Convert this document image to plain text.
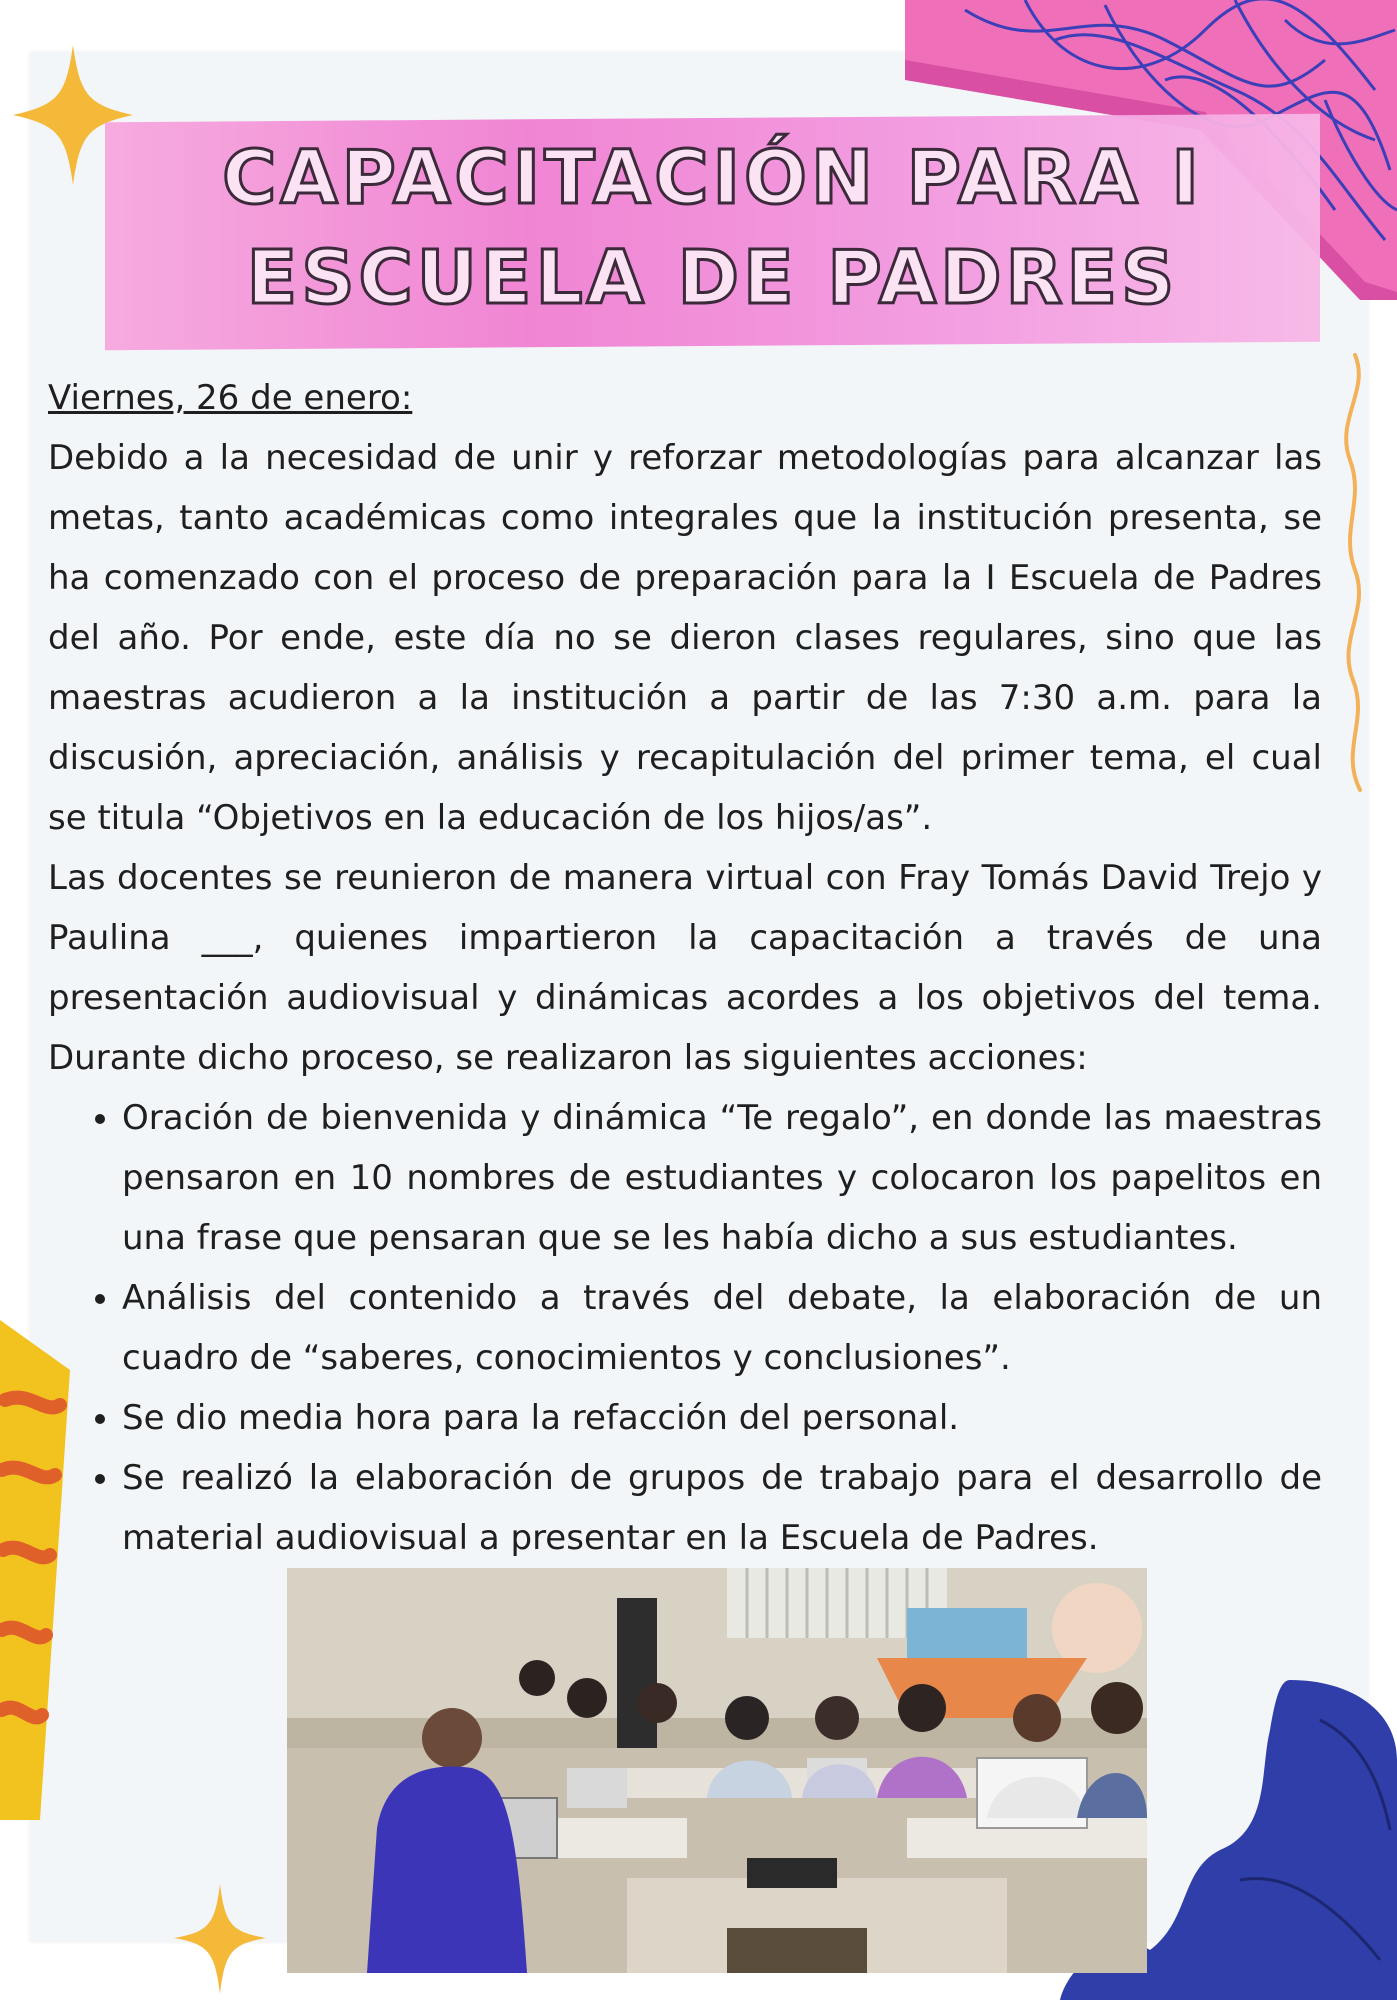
CAPACITACIÓN PARA I
ESCUELA DE PADRES

Viernes, 26 de enero:

Debido a la necesidad de unir y reforzar metodologías para alcanzar las metas, tanto académicas como integrales que la institución presenta, se ha comenzado con el proceso de preparación para la I Escuela de Padres del año. Por ende, este día no se dieron clases regulares, sino que las maestras acudieron a la institución a partir de las 7:30 a.m. para la discusión, apreciación, análisis y recapitulación del primer tema, el cual se titula “Objetivos en la educación de los hijos/as”.

Las docentes se reunieron de manera virtual con Fray Tomás David Trejo y Paulina ___, quienes impartieron la capacitación a través de una presentación audiovisual y dinámicas acordes a los objetivos del tema. Durante dicho proceso, se realizaron las siguientes acciones:

• Oración de bienvenida y dinámica “Te regalo”, en donde las maestras pensaron en 10 nombres de estudiantes y colocaron los papelitos en una frase que pensaran que se les había dicho a sus estudiantes.
• Análisis del contenido a través del debate, la elaboración de un cuadro de “saberes, conocimientos y conclusiones”.
• Se dio media hora para la refacción del personal.
• Se realizó la elaboración de grupos de trabajo para el desarrollo de material audiovisual a presentar en la Escuela de Padres.
